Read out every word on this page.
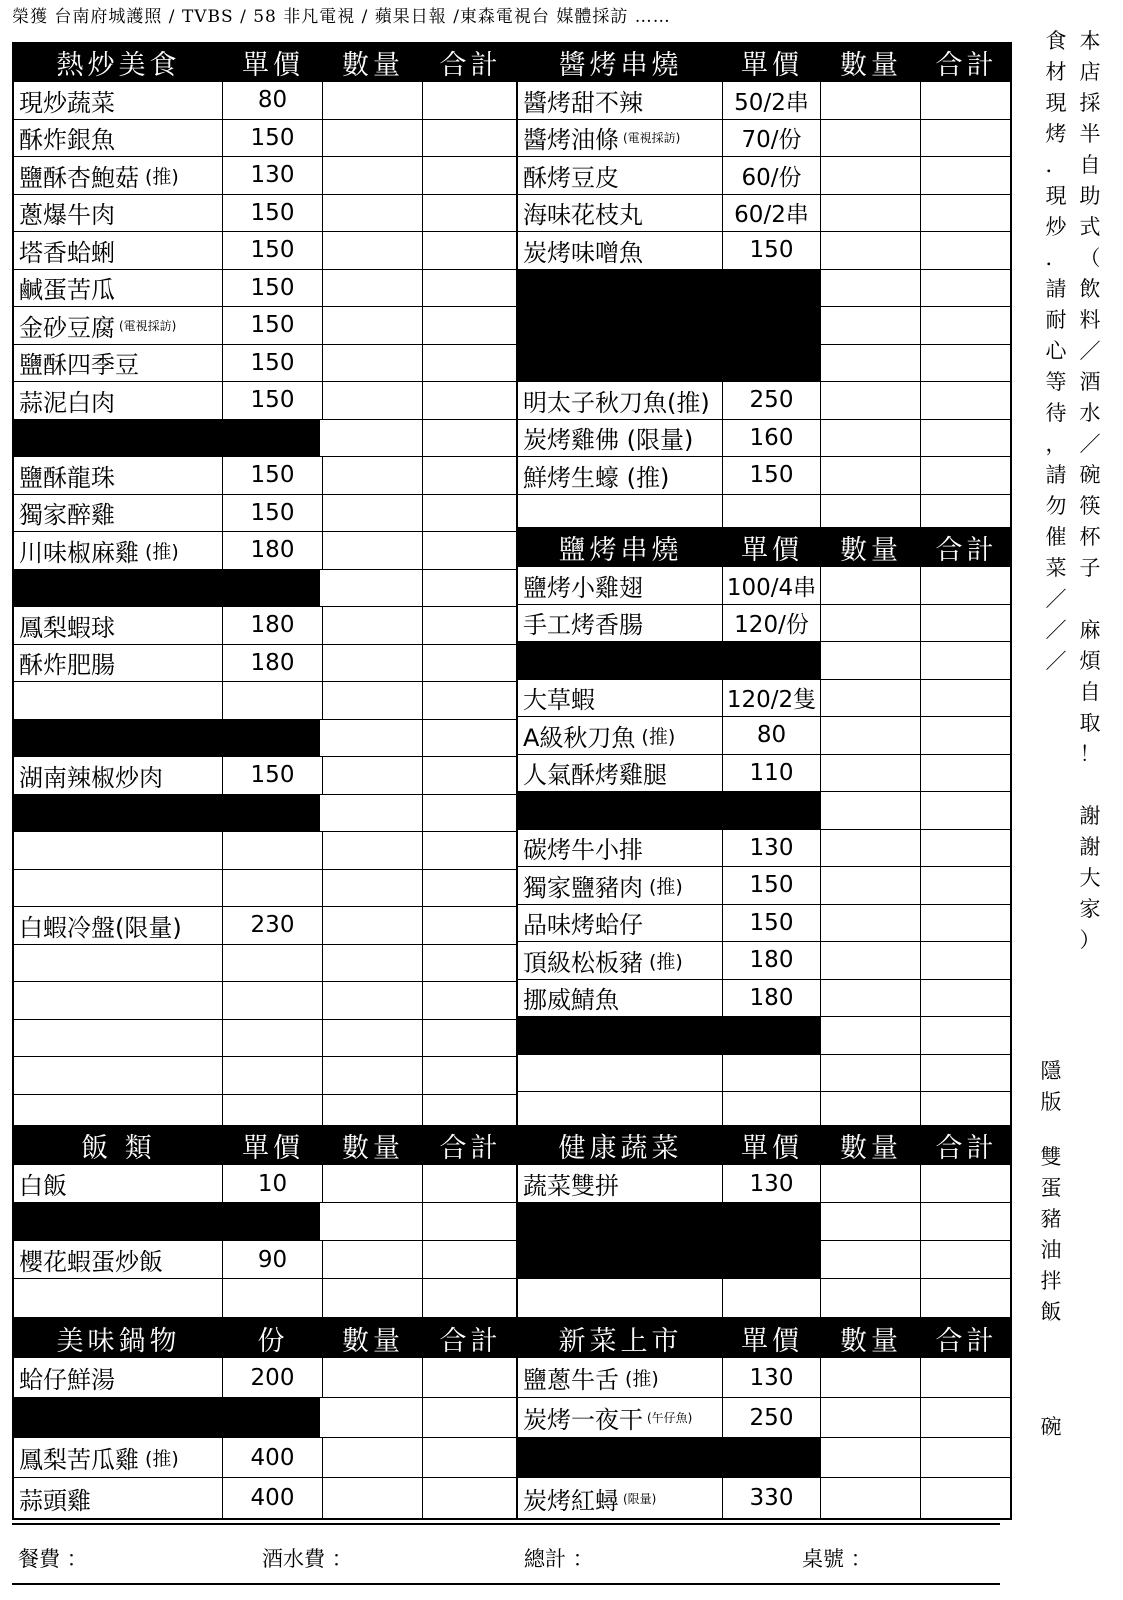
榮獲 台南府城護照 / TVBS / 58 非凡電視 / 蘋果日報 /東森電視台 媒體採訪 ……
熱炒美食	單價	數量	合計
現炒蔬菜	80
酥炸銀魚	150
鹽酥杏鮑菇 (推)	130
蔥爆牛肉	150
塔香蛤蜊	150
鹹蛋苦瓜	150
金砂豆腐 (電視採訪)	150
鹽酥四季豆	150
蒜泥白肉	150
鹽酥龍珠	150
獨家醉雞	150
川味椒麻雞 (推)	180
鳳梨蝦球	180
酥炸肥腸	180
湖南辣椒炒肉	150
白蝦冷盤(限量)	230
醬烤串燒	單價	數量	合計
醬烤甜不辣	50/2串
醬烤油條 (電視採訪)	70/份
酥烤豆皮	60/份
海味花枝丸	60/2串
炭烤味噌魚	150
明太子秋刀魚(推)	250
炭烤雞佛 (限量)	160
鮮烤生蠔 (推)	150
鹽烤串燒	單價	數量	合計
鹽烤小雞翅	100/4串
手工烤香腸	120/份
大草蝦	120/2隻
A級秋刀魚 (推)	80
人氣酥烤雞腿	110
碳烤牛小排	130
獨家鹽豬肉 (推)	150
品味烤蛤仔	150
頂級松板豬 (推)	180
挪威鯖魚	180
飯 類	單價	數量	合計
白飯	10
櫻花蝦蛋炒飯	90
健康蔬菜	單價	數量	合計
蔬菜雙拼	130
美味鍋物	份	數量	合計
蛤仔鮮湯	200
鳳梨苦瓜雞 (推)	400
蒜頭雞	400
新菜上市	單價	數量	合計
鹽蔥牛舌 (推)	130
炭烤一夜干 (午仔魚)	250
炭烤紅蟳 (限量)	330
本
店
採
半
自
助
式
（
飲
料
／
酒
水
／
碗
筷
杯
子

麻
煩
自
取
！

謝
謝
大
家
）
食
材
現
烤
．
現
炒
．
請
耐
心
等
待
，
請
勿
催
菜
／
／
／
隱
版
雙
蛋
豬
油
拌
飯
碗
餐費 ：	酒水費 ：	總計 ：	桌號 ：
